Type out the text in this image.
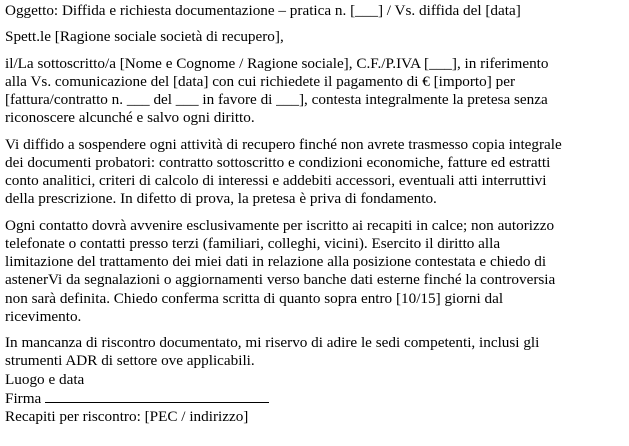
Oggetto: Diffida e richiesta documentazione – pratica n. [___] / Vs. diffida del [data]

Spett.le [Ragione sociale società di recupero],

il/La sottoscritto/a [Nome e Cognome / Ragione sociale], C.F./P.IVA [___], in riferimento
alla Vs. comunicazione del [data] con cui richiedete il pagamento di € [importo] per
[fattura/contratto n. ___ del ___ in favore di ___], contesta integralmente la pretesa senza
riconoscere alcunché e salvo ogni diritto.

Vi diffido a sospendere ogni attività di recupero finché non avrete trasmesso copia integrale
dei documenti probatori: contratto sottoscritto e condizioni economiche, fatture ed estratti
conto analitici, criteri di calcolo di interessi e addebiti accessori, eventuali atti interruttivi
della prescrizione. In difetto di prova, la pretesa è priva di fondamento.

Ogni contatto dovrà avvenire esclusivamente per iscritto ai recapiti in calce; non autorizzo
telefonate o contatti presso terzi (familiari, colleghi, vicini). Esercito il diritto alla
limitazione del trattamento dei miei dati in relazione alla posizione contestata e chiedo di
astenerVi da segnalazioni o aggiornamenti verso banche dati esterne finché la controversia
non sarà definita. Chiedo conferma scritta di quanto sopra entro [10/15] giorni dal
ricevimento.

In mancanza di riscontro documentato, mi riservo di adire le sedi competenti, inclusi gli
strumenti ADR di settore ove applicabili.

Luogo e data
Firma
Recapiti per riscontro: [PEC / indirizzo]
